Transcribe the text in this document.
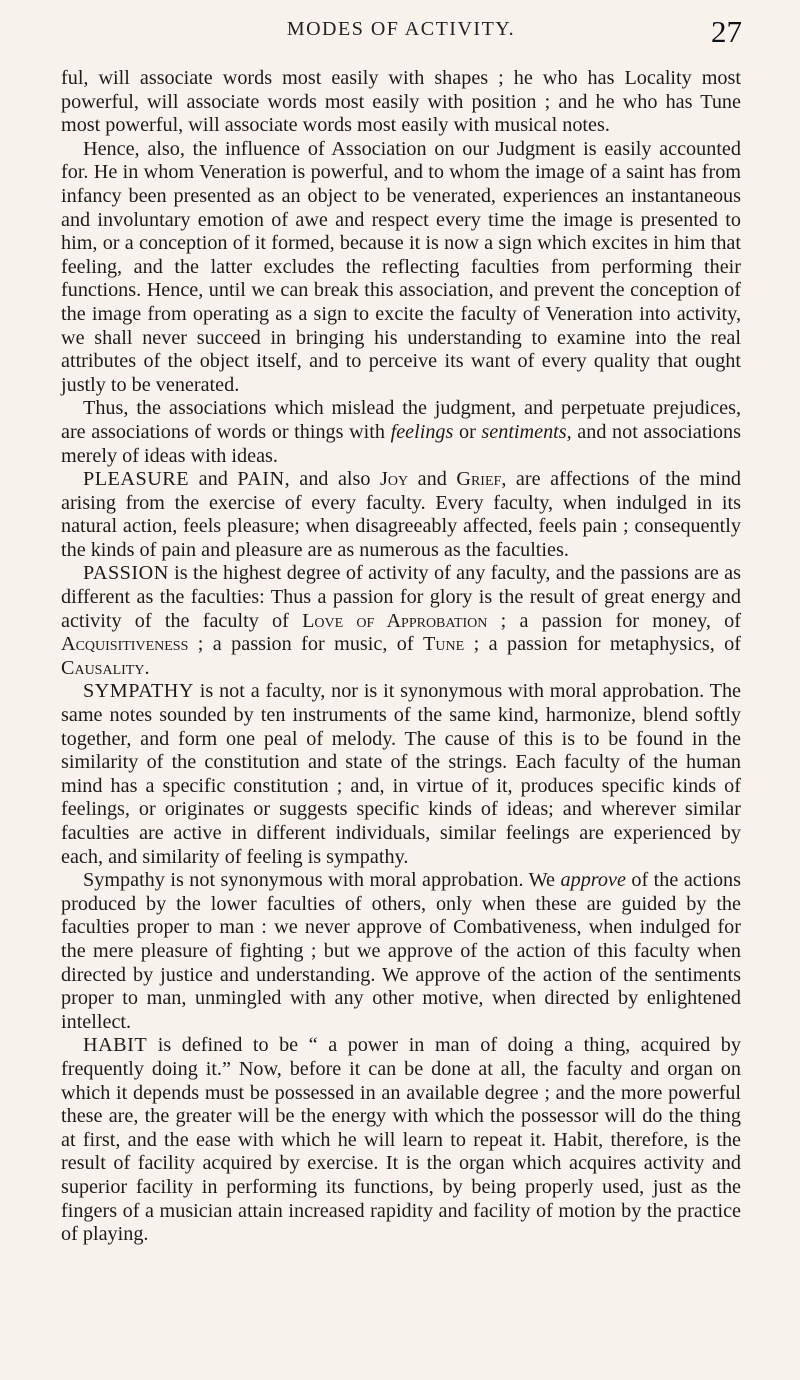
MODES OF ACTIVITY.	27

ful, will associate words most easily with shapes ; he who has Locality most powerful, will associate words most easily with position ; and he who has Tune most powerful, will associate words most easily with musical notes.

Hence, also, the influence of Association on our Judgment is easily accounted for. He in whom Veneration is powerful, and to whom the image of a saint has from infancy been presented as an object to be venerated, experiences an instantaneous and involuntary emotion of awe and respect every time the image is presented to him, or a conception of it formed, because it is now a sign which excites in him that feeling, and the latter excludes the reflecting faculties from performing their functions. Hence, until we can break this association, and prevent the conception of the image from operating as a sign to excite the faculty of Veneration into activity, we shall never succeed in bringing his understanding to examine into the real attributes of the object itself, and to perceive its want of every quality that ought justly to be venerated.

Thus, the associations which mislead the judgment, and perpetuate prejudices, are associations of words or things with feelings or sentiments, and not associations merely of ideas with ideas.

PLEASURE and PAIN, and also Joy and Grief, are affections of the mind arising from the exercise of every faculty. Every faculty, when indulged in its natural action, feels pleasure; when disagreeably affected, feels pain ; consequently the kinds of pain and pleasure are as numerous as the faculties.

PASSION is the highest degree of activity of any faculty, and the passions are as different as the faculties: Thus a passion for glory is the result of great energy and activity of the faculty of Love of Approbation ; a passion for money, of Acquisitiveness ; a passion for music, of Tune ; a passion for metaphysics, of Causality.

SYMPATHY is not a faculty, nor is it synonymous with moral approbation. The same notes sounded by ten instruments of the same kind, harmonize, blend softly together, and form one peal of melody. The cause of this is to be found in the similarity of the constitution and state of the strings. Each faculty of the human mind has a specific constitution ; and, in virtue of it, produces specific kinds of feelings, or originates or suggests specific kinds of ideas; and wherever similar faculties are active in different individuals, similar feelings are experienced by each, and similarity of feeling is sympathy.

Sympathy is not synonymous with moral approbation. We approve of the actions produced by the lower faculties of others, only when these are guided by the faculties proper to man : we never approve of Combativeness, when indulged for the mere pleasure of fighting ; but we approve of the action of this faculty when directed by justice and understanding. We approve of the action of the sentiments proper to man, unmingled with any other motive, when directed by enlightened intellect.

HABIT is defined to be “ a power in man of doing a thing, acquired by frequently doing it.” Now, before it can be done at all, the faculty and organ on which it depends must be possessed in an available degree ; and the more powerful these are, the greater will be the energy with which the possessor will do the thing at first, and the ease with which he will learn to repeat it. Habit, therefore, is the result of facility acquired by exercise. It is the organ which acquires activity and superior facility in performing its functions, by being properly used, just as the fingers of a musician attain increased rapidity and facility of motion by the practice of playing.
